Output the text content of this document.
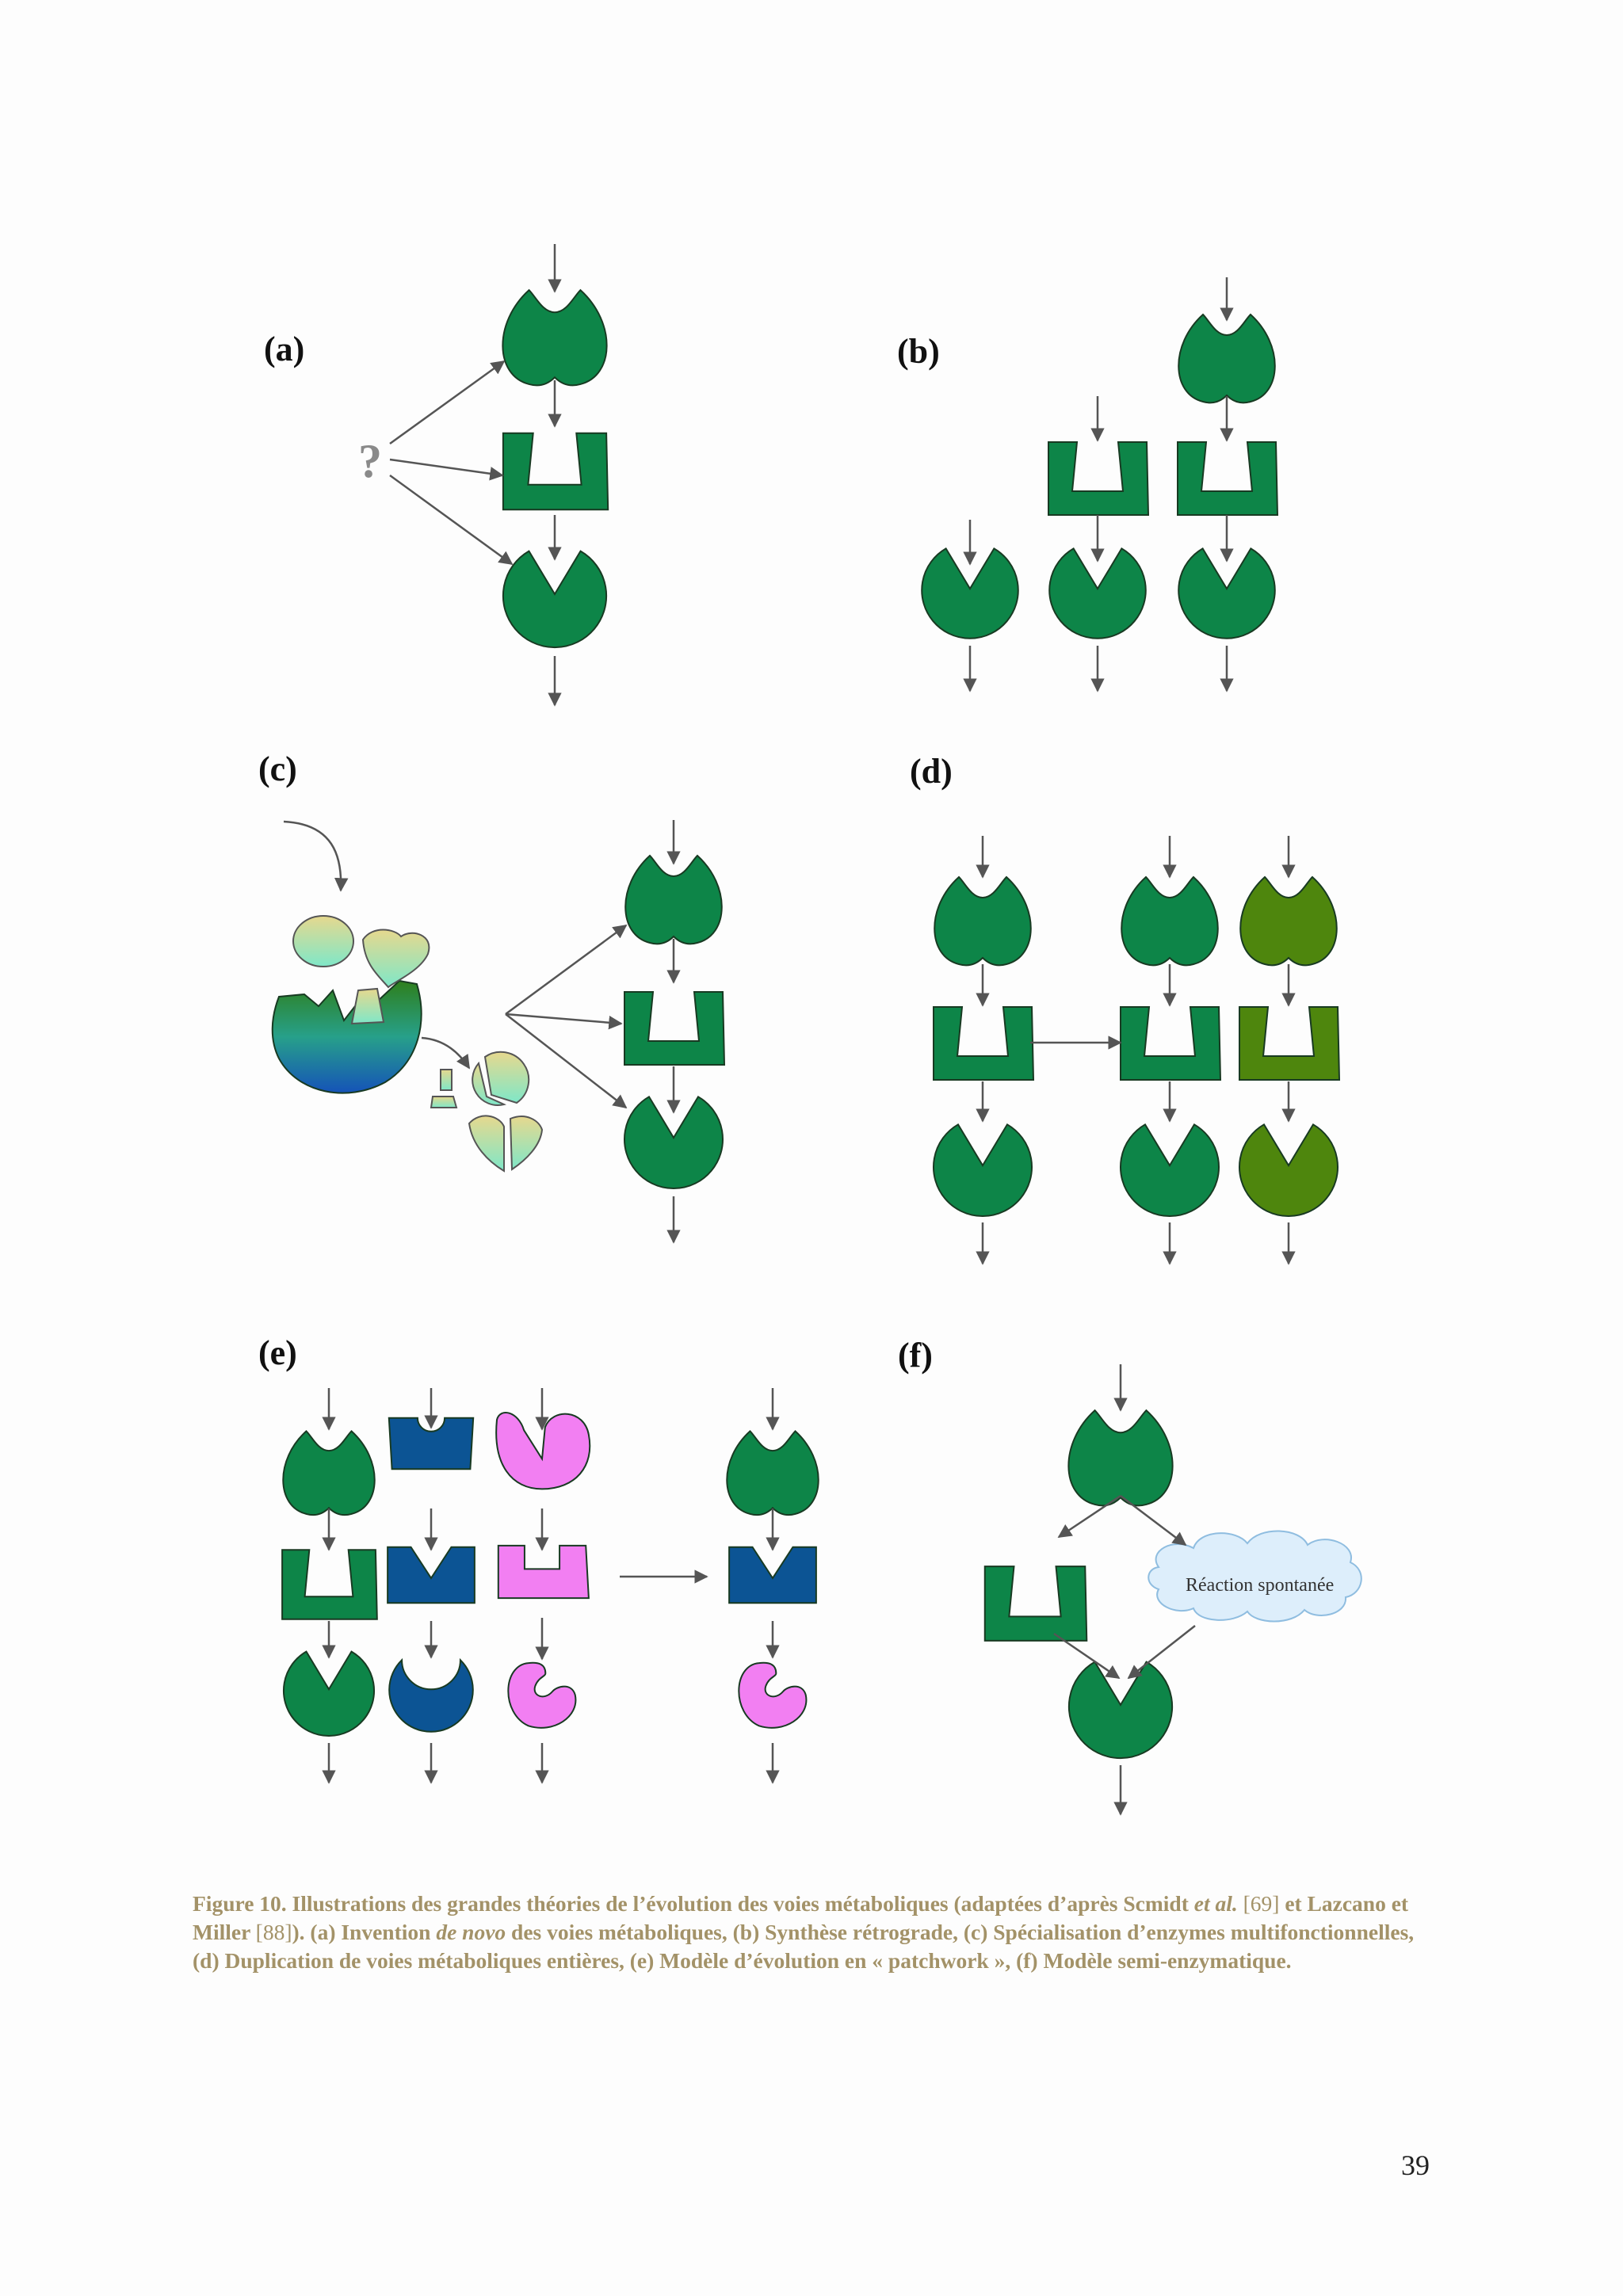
(a)	(b)
(c)	(d)
(e)	(f)
?
Réaction spontanée
Figure 10. Illustrations des grandes théories de l’évolution des voies métaboliques (adaptées d’après Scmidt et al. [69] et Lazcano et Miller [88]). (a) Invention de novo des voies métaboliques, (b) Synthèse rétrograde, (c) Spécialisation d’enzymes multifonctionnelles, (d) Duplication de voies métaboliques entières, (e) Modèle d’évolution en « patchwork », (f) Modèle semi-enzymatique.
39
